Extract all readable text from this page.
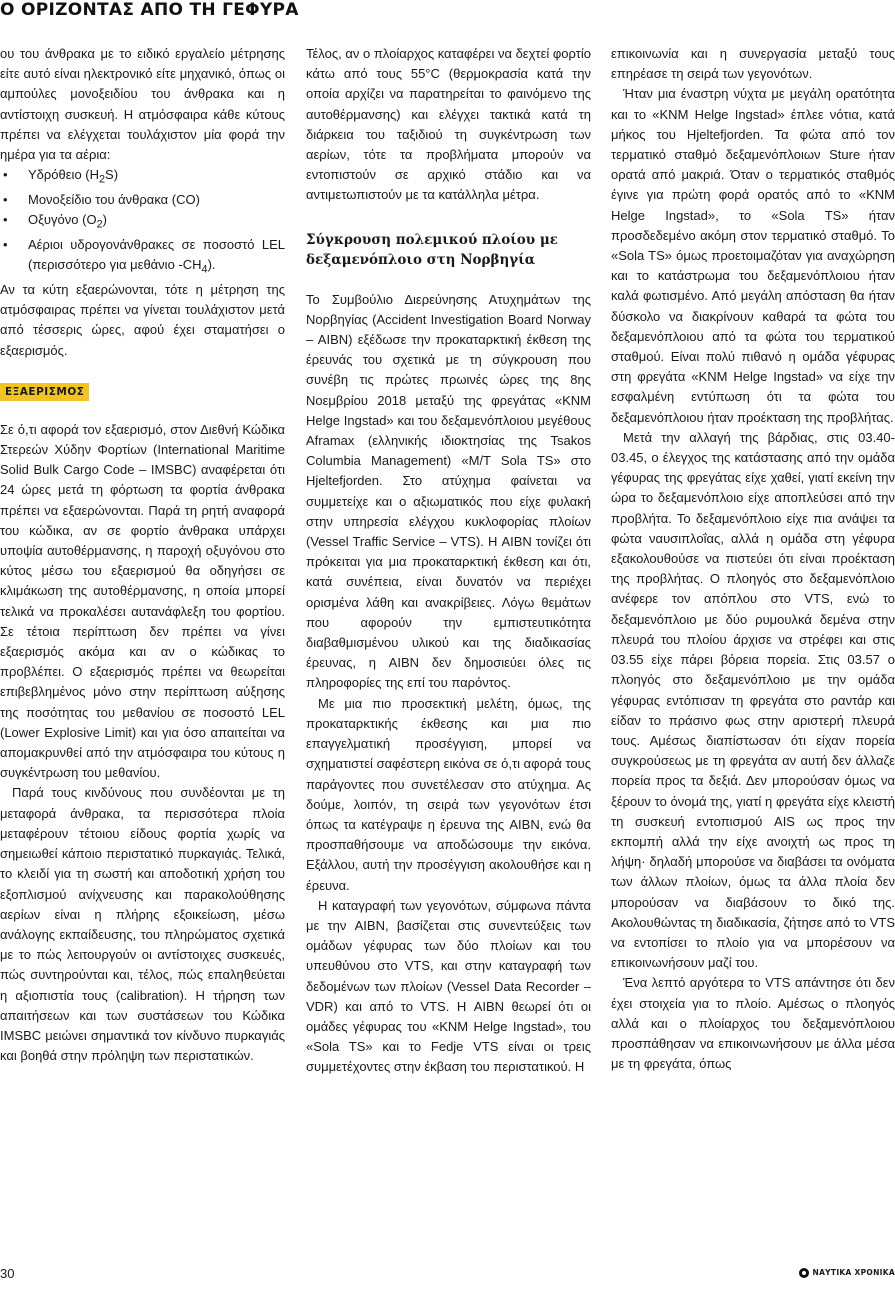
Ο ΟΡΙΖΟΝΤΑΣ ΑΠΟ ΤΗ ΓΕΦΥΡΑ

ου του άνθρακα με το ειδικό εργαλείο μέτρησης είτε αυτό είναι ηλεκτρονικό είτε μηχανικό, όπως οι αμπούλες μονοξειδίου του άνθρακα και η αντίστοιχη συσκευή. Η ατμόσφαιρα κάθε κύτους πρέπει να ελέγχεται τουλάχιστον μία φορά την ημέρα για τα αέρια:

• Υδρόθειο $(H_2S)$
• Μονοξείδιο του άνθρακα (CO)
• Οξυγόνο $(O_2)$
• Αέριοι υδρογονάνθρακες σε ποσοστό LEL (περισσότερο για μεθάνιο $-CH_4$).

Αν τα κύτη εξαερώνονται, τότε η μέτρηση της ατμόσφαιρας πρέπει να γίνεται τουλάχιστον μετά από τέσσερις ώρες, αφού έχει σταματήσει ο εξαερισμός.

ΕΞΑΕΡΙΣΜΟΣ

Σε ό,τι αφορά τον εξαερισμό, στον Διεθνή Κώδικα Στερεών Χύδην Φορτίων (International Maritime Solid Bulk Cargo Code – IMSBC) αναφέρεται ότι 24 ώρες μετά τη φόρτωση τα φορτία άνθρακα πρέπει να εξαερώνονται. Παρά τη ρητή αναφορά του κώδικα, αν σε φορτίο άνθρακα υπάρχει υποψία αυτοθέρμανσης, η παροχή οξυγόνου στο κύτος μέσω του εξαερισμού θα οδηγήσει σε κλιμάκωση της αυτοθέρμανσης, η οποία μπορεί τελικά να προκαλέσει αυτανάφλεξη του φορτίου. Σε τέτοια περίπτωση δεν πρέπει να γίνει εξαερισμός ακόμα και αν ο κώδικας το προβλέπει. Ο εξαερισμός πρέπει να θεωρείται επιβεβλημένος μόνο στην περίπτωση αύξησης της ποσότητας του μεθανίου σε ποσοστό LEL (Lower Explosive Limit) και για όσο απαιτείται να απομακρυνθεί από την ατμόσφαιρα του κύτους η συγκέντρωση του μεθανίου.

Παρά τους κινδύνους που συνδέονται με τη μεταφορά άνθρακα, τα περισσότερα πλοία μεταφέρουν τέτοιου είδους φορτία χωρίς να σημειωθεί κάποιο περιστατικό πυρκαγιάς. Τελικά, το κλειδί για τη σωστή και αποδοτική χρήση του εξοπλισμού ανίχνευσης και παρακολούθησης αερίων είναι η πλήρης εξοικείωση, μέσω ανάλογης εκπαίδευσης, του πληρώματος σχετικά με το πώς λειτουργούν οι αντίστοιχες συσκευές, πώς συντηρούνται και, τέλος, πώς επαληθεύεται η αξιοπιστία τους (calibration). Η τήρηση των απαιτήσεων και των συστάσεων του Κώδικα IMSBC μειώνει σημαντικά τον κίνδυνο πυρκαγιάς και βοηθά στην πρόληψη των περιστατικών.

Τέλος, αν ο πλοίαρχος καταφέρει να δεχτεί φορτίο κάτω από τους 55°C (θερμοκρασία κατά την οποία αρχίζει να παρατηρείται το φαινόμενο της αυτοθέρμανσης) και ελέγχει τακτικά κατά τη διάρκεια του ταξιδιού τη συγκέντρωση των αερίων, τότε τα προβλήματα μπορούν να εντοπιστούν σε αρχικό στάδιο και να αντιμετωπιστούν με τα κατάλληλα μέτρα.

Σύγκρουση πολεμικού πλοίου με δεξαμενόπλοιο στη Νορβηγία

Το Συμβούλιο Διερεύνησης Ατυχημάτων της Νορβηγίας (Accident Investigation Board Norway – AIBN) εξέδωσε την προκαταρκτική έκθεση της έρευνάς του σχετικά με τη σύγκρουση που συνέβη τις πρώτες πρωινές ώρες της 8ης Νοεμβρίου 2018 μεταξύ της φρεγάτας «KNM Helge Ingstad» και του δεξαμενόπλοιου μεγέθους Aframax (ελληνικής ιδιοκτησίας της Tsakos Columbia Management) «M/T Sola TS» στο Hjeltefjorden. Στο ατύχημα φαίνεται να συμμετείχε και ο αξιωματικός που είχε φυλακή στην υπηρεσία ελέγχου κυκλοφορίας πλοίων (Vessel Traffic Service – VTS). Η AIBN τονίζει ότι πρόκειται για μια προκαταρκτική έκθεση και ότι, κατά συνέπεια, είναι δυνατόν να περιέχει ορισμένα λάθη και ανακρίβειες. Λόγω θεμάτων που αφορούν την εμπιστευτικότητα διαβαθμισμένου υλικού και της διαδικασίας έρευνας, η AIBN δεν δημοσιεύει όλες τις πληροφορίες της επί του παρόντος.

Με μια πιο προσεκτική μελέτη, όμως, της προκαταρκτικής έκθεσης και μια πιο επαγγελματική προσέγγιση, μπορεί να σχηματιστεί σαφέστερη εικόνα σε ό,τι αφορά τους παράγοντες που συνετέλεσαν στο ατύχημα. Ας δούμε, λοιπόν, τη σειρά των γεγονότων έτσι όπως τα κατέγραψε η έρευνα της AIBN, ενώ θα προσπαθήσουμε να αποδώσουμε την εικόνα. Εξάλλου, αυτή την προσέγγιση ακολουθήσε και η έρευνα.

Η καταγραφή των γεγονότων, σύμφωνα πάντα με την AIBN, βασίζεται στις συνεντεύξεις των ομάδων γέφυρας των δύο πλοίων και του υπευθύνου στο VTS, και στην καταγραφή των δεδομένων των πλοίων (Vessel Data Recorder – VDR) και από το VTS. Η AIBN θεωρεί ότι οι ομάδες γέφυρας του «KNM Helge Ingstad», του «Sola TS» και το Fedje VTS είναι οι τρεις συμμετέχοντες στην έκβαση του περιστατικού. Η

επικοινωνία και η συνεργασία μεταξύ τους επηρέασε τη σειρά των γεγονότων.

Ήταν μια έναστρη νύχτα με μεγάλη ορατότητα και το «KNM Helge Ingstad» έπλεε νότια, κατά μήκος του Hjeltefjorden. Τα φώτα από τον τερματικό σταθμό δεξαμενόπλοιων Sture ήταν ορατά από μακριά. Όταν ο τερματικός σταθμός έγινε για πρώτη φορά ορατός από το «KNM Helge Ingstad», το «Sola TS» ήταν προσδεδεμένο ακόμη στον τερματικό σταθμό. Το «Sola TS» όμως προετοιμαζόταν για αναχώρηση και το κατάστρωμα του δεξαμενόπλοιου ήταν καλά φωτισμένο. Από μεγάλη απόσταση θα ήταν δύσκολο να διακρίνουν καθαρά τα φώτα του δεξαμενόπλοιου από τα φώτα του τερματικού σταθμού. Είναι πολύ πιθανό η ομάδα γέφυρας στη φρεγάτα «KNM Helge Ingstad» να είχε την εσφαλμένη εντύπωση ότι τα φώτα του δεξαμενόπλοιου ήταν προέκταση της προβλήτας.

Μετά την αλλαγή της βάρδιας, στις 03.40-03.45, ο έλεγχος της κατάστασης από την ομάδα γέφυρας της φρεγάτας είχε χαθεί, γιατί εκείνη την ώρα το δεξαμενόπλοιο είχε αποπλεύσει από την προβλήτα. Το δεξαμενόπλοιο είχε πια ανάψει τα φώτα ναυσιπλοΐας, αλλά η ομάδα στη γέφυρα εξακολουθούσε να πιστεύει ότι είναι προέκταση της προβλήτας. Ο πλοηγός στο δεξαμενόπλοιο ανέφερε τον απόπλου στο VTS, ενώ το δεξαμενόπλοιο με δύο ρυμουλκά δεμένα στην πλευρά του πλοίου άρχισε να στρέφει και στις 03.55 είχε πάρει βόρεια πορεία. Στις 03.57 ο πλοηγός στο δεξαμενόπλοιο με την ομάδα γέφυρας εντόπισαν τη φρεγάτα στο ραντάρ και είδαν το πράσινο φως στην αριστερή πλευρά τους. Αμέσως διαπίστωσαν ότι είχαν πορεία συγκρούσεως με τη φρεγάτα αν αυτή δεν άλλαζε πορεία προς τα δεξιά. Δεν μπορούσαν όμως να ξέρουν το όνομά της, γιατί η φρεγάτα είχε κλειστή τη συσκευή εντοπισμού AIS ως προς την εκπομπή αλλά την είχε ανοιχτή ως προς τη λήψη· δηλαδή μπορούσε να διαβάσει τα ονόματα των άλλων πλοίων, όμως τα άλλα πλοία δεν μπορούσαν να διαβάσουν το δικό της. Ακολουθώντας τη διαδικασία, ζήτησε από το VTS να εντοπίσει το πλοίο για να μπορέσουν να επικοινωνήσουν μαζί του.

Ένα λεπτό αργότερα το VTS απάντησε ότι δεν έχει στοιχεία για το πλοίο. Αμέσως ο πλοηγός αλλά και ο πλοίαρχος του δεξαμενόπλοιου προσπάθησαν να επικοινωνήσουν με άλλα μέσα με τη φρεγάτα, όπως

30	ΝΑΥΤΙΚΑ ΧΡΟΝΙΚΑ
